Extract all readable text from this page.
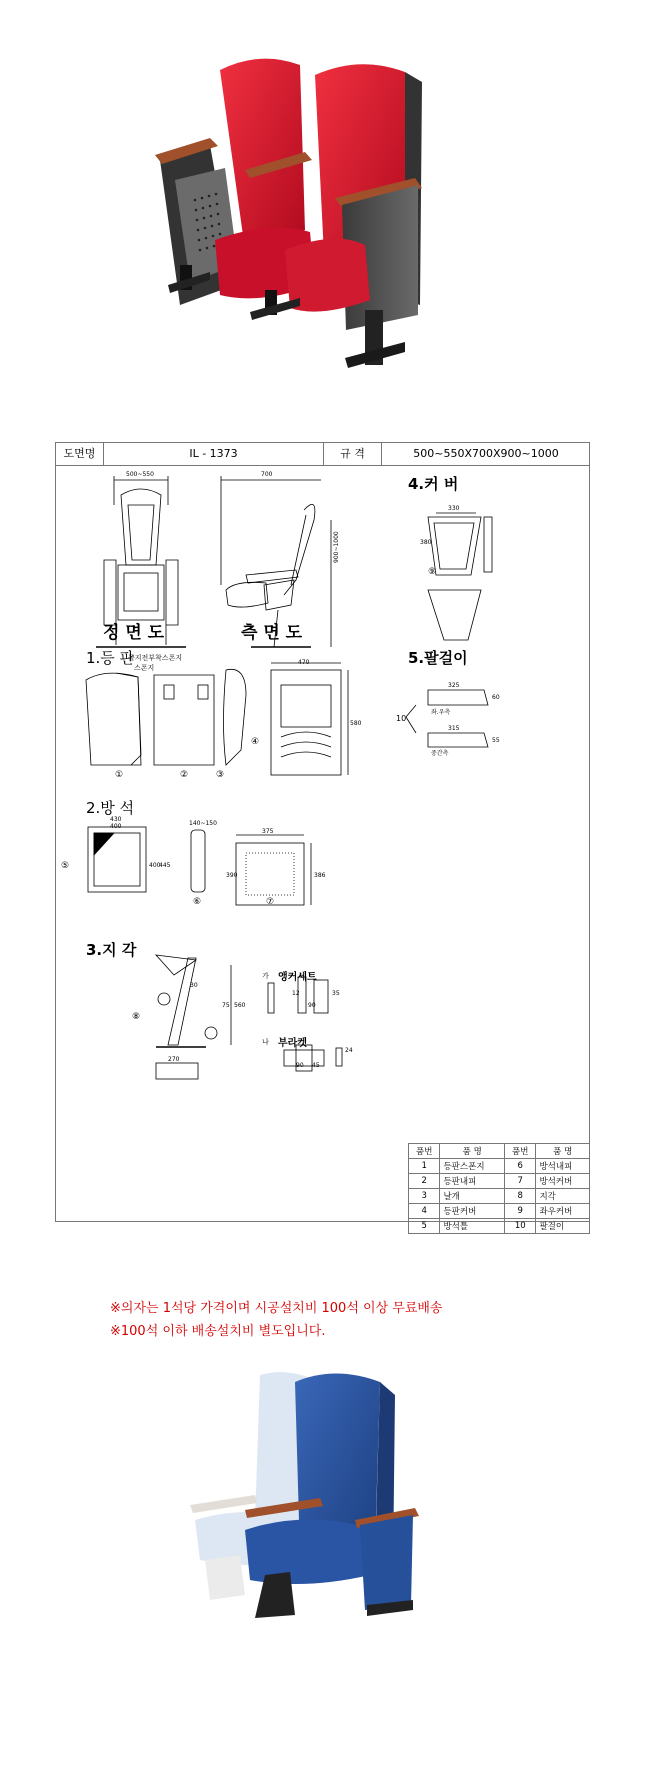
도면명	IL - 1373	규 격	500~550X700X900~1000
정 면 도	측 면 도
500~550	700
900~1000
4.커 버
1.등 판	5.팔걸이
2.방 석
3.지 각
몰지전부착스폰지
스폰지
가 앵커세트
나 부라켓
좌.우측
중간측
①	②	③
④
⑤
⑥	⑦
⑧
⑨
10
330
380
470
580
325
60
315
55
430
400
400
445
140~150
375
390	386
560
270
30
75
12
90
35
90 45
24
품번	품 명	품번	품 명
1	등판스폰지	6	방석내피
2	등판내피	7	방석커버
3	날개	8	지각
4	등판커버	9	좌우커버
5	방석틀	10	팔걸이
※의자는 1석당 가격이며 시공설치비 100석 이상 무료배송
※100석 이하 배송설치비 별도입니다.
